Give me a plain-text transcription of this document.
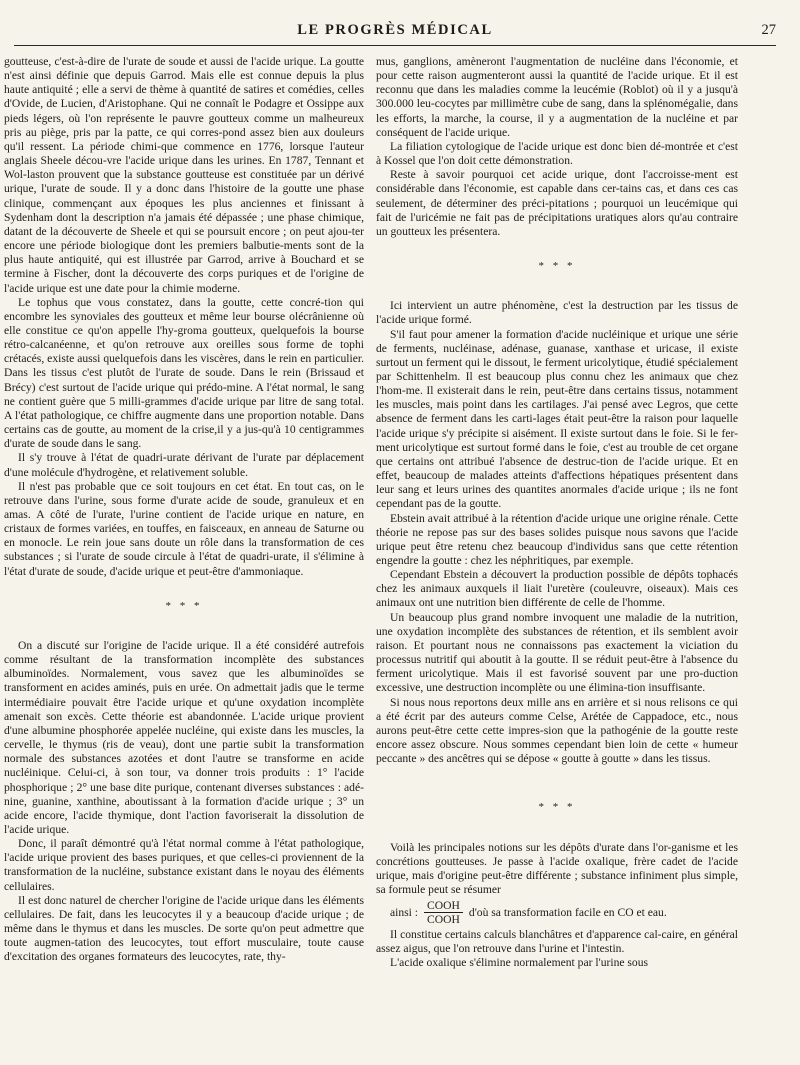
LE PROGRÈS MÉDICAL	27

goutteuse, c'est-à-dire de l'urate de soude et aussi de l'acide urique. La goutte n'est ainsi définie que depuis Garrod. Mais elle est connue depuis la plus haute antiquité ; elle a servi de thème à quantité de satires et comédies, celles d'Ovide, de Lucien, d'Aristophane. Qui ne connaît le Podagre et Ossippe aux pieds légers, où l'on représente le pauvre goutteux comme un malheureux pris au piège, pris par la patte, ce qui corres-pond assez bien aux douleurs qu'il ressent. La période chimi-que commence en 1776, lorsque l'auteur anglais Sheele décou-vre l'acide urique dans les urines. En 1787, Tennant et Wol-laston prouvent que la substance goutteuse est constituée par un dérivé urique, l'urate de soude. Il y a donc dans l'histoire de la goutte une phase clinique, commençant aux époques les plus anciennes et finissant à Sydenham dont la description n'a jamais été dépassée ; une phase chimique, datant de la découverte de Sheele et qui se poursuit encore ; on peut ajou-ter encore une période biologique dont les premiers balbutie-ments sont de la plus haute antiquité, qui est illustrée par Garrod, arrive à Bouchard et se termine à Fischer, dont la découverte des corps puriques et de l'origine de l'acide urique est une date pour la chimie moderne.

Le tophus que vous constatez, dans la goutte, cette concré-tion qui encombre les synoviales des goutteux et même leur bourse olécrânienne où elle constitue ce qu'on appelle l'hy-groma goutteux, quelquefois la bourse rétro-calcanéenne, et qu'on retrouve aux oreilles sous forme de tophi crétacés, existe aussi quelquefois dans les viscères, dans le rein en particulier. Dans les tissus c'est plutôt de l'urate de soude. Dans le rein (Brissaud et Brécy) c'est surtout de l'acide urique qui prédo-mine. A l'état normal, le sang ne contient guère que 5 milli-grammes d'acide urique par litre de sang total. A l'état pathologique, ce chiffre augmente dans une proportion notable. Dans certains cas de goutte, au moment de la crise,il y a jus-qu'à 10 centigrammes d'urate de soude dans le sang.

Il s'y trouve à l'état de quadri-urate dérivant de l'urate par déplacement d'une molécule d'hydrogène, et relativement soluble.

Il n'est pas probable que ce soit toujours en cet état. En tout cas, on le retrouve dans l'urine, sous forme d'urate acide de soude, granuleux et en amas. A côté de l'urate, l'urine contient de l'acide urique en nature, en cristaux de formes variées, en touffes, en faisceaux, en anneau de Saturne ou en monocle. Le rein joue sans doute un rôle dans la transformation de ces substances ; si l'urate de soude circule à l'état de quadri-urate, il s'élimine à l'état d'urate de soude, d'acide urique et peut-être d'ammoniaque.

* * *

On a discuté sur l'origine de l'acide urique. Il a été considéré autrefois comme résultant de la transformation incomplète des substances albuminoïdes. Normalement, vous savez que les albuminoïdes se transforment en acides aminés, puis en urée. On admettait jadis que le terme intermédiaire pouvait être l'acide urique et qu'une oxydation incomplète amenait son excès. Cette théorie est abandonnée. L'acide urique provient d'une albumine phosphorée appelée nucléine, qui existe dans les muscles, la cervelle, le thymus (ris de veau), dont une partie subit la transformation normale des substances azotées et dont l'autre se transforme en acide nucléinique. Celui-ci, à son tour, va donner trois produits : 1° l'acide phosphorique ; 2° une base dite purique, contenant diverses substances : adé-nine, guanine, xanthine, aboutissant à la formation d'acide urique ; 3° un acide encore, l'acide thymique, dont l'action favoriserait la dissolution de l'acide urique.

Donc, il paraît démontré qu'à l'état normal comme à l'état pathologique, l'acide urique provient des bases puriques, et que celles-ci proviennent de la transformation de la nucléine, substance existant dans le noyau des éléments cellulaires.

Il est donc naturel de chercher l'origine de l'acide urique dans les éléments cellulaires. De fait, dans les leucocytes il y a beaucoup d'acide urique ; de même dans le thymus et dans les muscles. De sorte qu'on peut admettre que toute augmen-tation des leucocytes, tout effort musculaire, toute cause d'excitation des organes formateurs des leucocytes, rate, thy-

mus, ganglions, amèneront l'augmentation de nucléine dans l'économie, et pour cette raison augmenteront aussi la quantité de l'acide urique. Et il est reconnu que dans les maladies comme la leucémie (Roblot) où il y a jusqu'à 300.000 leu-cocytes par millimètre cube de sang, dans la splénomégalie, dans les efforts, la marche, la course, il y a augmentation de la nucléine et par conséquent de l'acide urique.

La filiation cytologique de l'acide urique est donc bien dé-montrée et c'est à Kossel que l'on doit cette démonstration.

Reste à savoir pourquoi cet acide urique, dont l'accroisse-ment est considérable dans l'économie, est capable dans cer-tains cas, et dans ces cas seulement, de déterminer des préci-pitations ; pourquoi un leucémique qui fait de l'uricémie ne fait pas de précipitations uratiques alors qu'au contraire un goutteux les présentera.

* * *

Ici intervient un autre phénomène, c'est la destruction par les tissus de l'acide urique formé.

S'il faut pour amener la formation d'acide nucléinique et urique une série de ferments, nucléinase, adénase, guanase, xanthase et uricase, il existe surtout un ferment qui le dissout, le ferment uricolytique, étudié spécialement par Schittenhelm. Il est beaucoup plus connu chez les animaux que chez l'hom-me. Il existerait dans le rein, peut-être dans certains tissus, notamment les muscles, mais point dans les cartilages. J'ai pensé avec Legros, que cette absence de ferment dans les carti-lages était peut-être la raison pour laquelle l'acide urique s'y précipite si aisément. Il existe surtout dans le foie. Si le fer-ment uricolytique est surtout formé dans le foie, c'est au trouble de cet organe que certains ont attribué l'absence de destruc-tion de l'acide urique. Et en effet, beaucoup de malades atteints d'affections hépatiques présentent dans leur sang et leurs urines des quantites anormales d'acide urique ; ils ne font cependant pas de la goutte.

Ebstein avait attribué à la rétention d'acide urique une origine rénale. Cette théorie ne repose pas sur des bases solides puisque nous savons que l'acide urique peut être retenu chez beaucoup d'individus sans que cette rétention engendre la goutte : chez les néphritiques, par exemple.

Cependant Ebstein a découvert la production possible de dépôts tophacés chez les animaux auxquels il liait l'uretère (couleuvre, oiseaux). Mais ces animaux ont une nutrition bien différente de celle de l'homme.

Un beaucoup plus grand nombre invoquent une maladie de la nutrition, une oxydation incomplète des substances de rétention, et ils semblent avoir raison. Et pourtant nous ne connaissons pas exactement la viciation du processus nutritif qui aboutit à la goutte. Il se réduit peut-être à l'absence du ferment uricolytique. Mais il est favorisé souvent par une pro-duction excessive, une destruction incomplète ou une élimina-tion insuffisante.

Si nous nous reportons deux mille ans en arrière et si nous relisons ce qui a été écrit par des auteurs comme Celse, Arétée de Cappadoce, etc., nous aurons peut-être cette cette impres-sion que la pathogénie de la goutte reste encore assez obscure. Nous sommes cependant bien loin de cette « humeur peccante » des ancêtres qui se dépose « goutte à goutte » dans les tissus.

* * *

Voilà les principales notions sur les dépôts d'urate dans l'or-ganisme et les concrétions goutteuses. Je passe à l'acide oxalique, frère cadet de l'acide urique, mais d'origine peut-être différente ; substance infiniment plus simple, sa formule peut se résumer

ainsi : $\frac{\text{COOH}}{\text{COOH}}$ d'où sa transformation facile en CO et eau.

Il constitue certains calculs blanchâtres et d'apparence cal-caire, en général assez aigus, que l'on retrouve dans l'urine et l'intestin.

L'acide oxalique s'élimine normalement par l'urine sous
